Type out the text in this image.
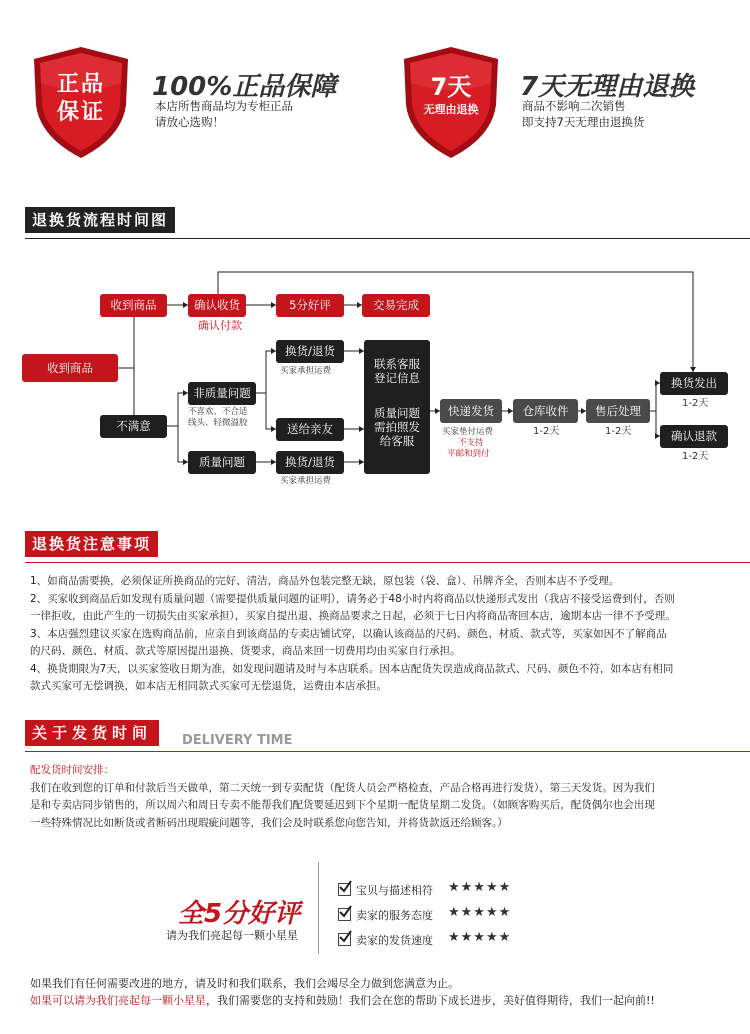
正品
保证
100%正品保障
本店所售商品均为专柜正品
请放心选购！
7天
无理由退换
7天无理由退换
商品不影响二次销售
即支持7天无理由退换货
退换货流程时间图
收到商品	确认收货
确认付款
5分好评	交易完成
收到商品
不满意
非质量问题
不喜欢、不合适
线头、轻微溢胶
质量问题
换货/退货
买家承担运费
送给亲友
换货/退货
买家承担运费
联系客服
登记信息
质量问题
需拍照发
给客服
快递发货
买家垫付运费
不支持
平邮和到付
仓库收件
1-2天
售后处理
1-2天
换货发出
1-2天
确认退款
1-2天
退换货注意事项

1、如商品需要换，必须保证所换商品的完好、清洁，商品外包装完整无缺，原包装（袋、盒）、吊牌齐全，否则本店不予受理。

2、买家收到商品后如发现有质量问题（需要提供质量问题的证明），请务必于48小时内将商品以快递形式发出（我店不接受运费到付，否则

一律拒收，由此产生的一切损失由买家承担），买家自提出退、换商品要求之日起，必须于七日内将商品寄回本店，逾期本店一律不予受理。

3、本店强烈建议买家在选购商品前，应亲自到该商品的专卖店铺试穿，以确认该商品的尺码、颜色、材质、款式等，买家如因不了解商品

的尺码、颜色、材质、款式等原因提出退换、货要求，商品来回一切费用均由买家自行承担。

4、换货期限为7天，以买家签收日期为准，如发现问题请及时与本店联系。因本店配货失误造成商品款式、尺码、颜色不符，如本店有相同

款式买家可无偿调换，如本店无相同款式买家可无偿退货，运费由本店承担。

关于发货时间	DELIVERY TIME

配发货时间安排：

我们在收到您的订单和付款后当天做单，第二天统一到专卖配货（配货人员会严格检查，产品合格再进行发货），第三天发货。因为我们

是和专卖店同步销售的，所以周六和周日专卖不能帮我们配货要延迟到下个星期一配货星期二发货。（如顾客购买后，配货偶尔也会出现

一些特殊情况比如断货或者断码出现瑕疵问题等，我们会及时联系您向您告知，并将货款返还给顾客。）

全5分好评
请为我们亮起每一颗小星星
宝贝与描述相符 ★★★★★
卖家的服务态度 ★★★★★
卖家的发货速度 ★★★★★
如果我们有任何需要改进的地方，请及时和我们联系，我们会竭尽全力做到您满意为止。
如果可以请为我们亮起每一颗小星星，我们需要您的支持和鼓励！我们会在您的帮助下成长进步，美好值得期待，我们一起向前!!
